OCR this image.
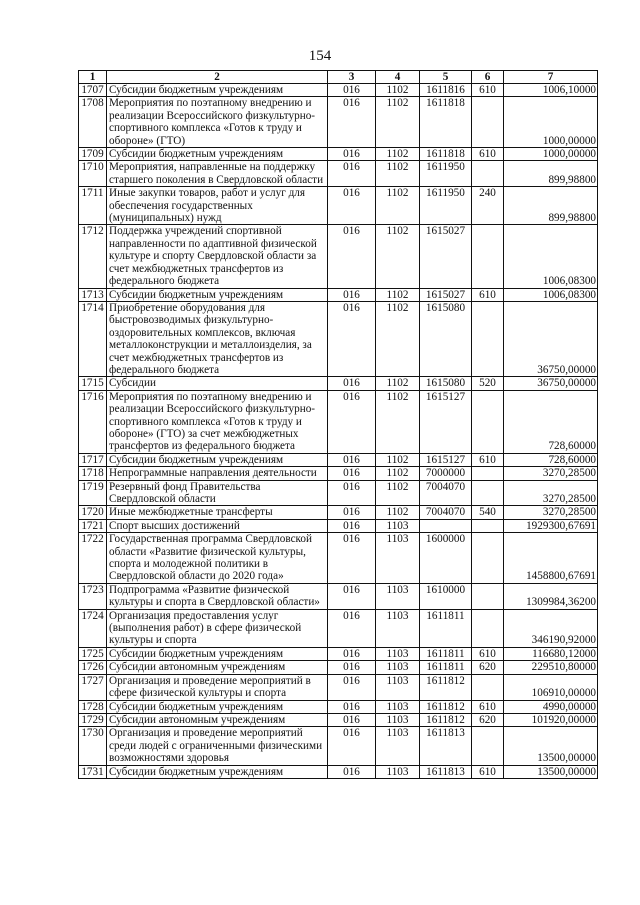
154
1	2	3	4	5	6	7
1707	Субсидии бюджетным учреждениям	016	1102	1611816	610	1006,10000
1708	Мероприятия по поэтапному внедрению и реализации Всероссийского физкультурно-спортивного комплекса «Готов к труду и обороне» (ГТО)	016	1102	1611818		1000,00000
1709	Субсидии бюджетным учреждениям	016	1102	1611818	610	1000,00000
1710	Мероприятия, направленные на поддержку старшего поколения в Свердловской области	016	1102	1611950		899,98800
1711	Иные закупки товаров, работ и услуг для обеспечения государственных (муниципальных) нужд	016	1102	1611950	240	899,98800
1712	Поддержка учреждений спортивной направленности по адаптивной физической культуре и спорту Свердловской области за счет межбюджетных трансфертов из федерального бюджета	016	1102	1615027		1006,08300
1713	Субсидии бюджетным учреждениям	016	1102	1615027	610	1006,08300
1714	Приобретение оборудования для быстровозводимых физкультурно-оздоровительных комплексов, включая металлоконструкции и металлоизделия, за счет межбюджетных трансфертов из федерального бюджета	016	1102	1615080		36750,00000
1715	Субсидии	016	1102	1615080	520	36750,00000
1716	Мероприятия по поэтапному внедрению и реализации Всероссийского физкультурно-спортивного комплекса «Готов к труду и обороне» (ГТО) за счет межбюджетных трансфертов из федерального бюджета	016	1102	1615127		728,60000
1717	Субсидии бюджетным учреждениям	016	1102	1615127	610	728,60000
1718	Непрограммные направления деятельности	016	1102	7000000		3270,28500
1719	Резервный фонд Правительства Свердловской области	016	1102	7004070		3270,28500
1720	Иные межбюджетные трансферты	016	1102	7004070	540	3270,28500
1721	Спорт высших достижений	016	1103			1929300,67691
1722	Государственная программа Свердловской области «Развитие физической культуры, спорта и молодежной политики в Свердловской области до 2020 года»	016	1103	1600000		1458800,67691
1723	Подпрограмма «Развитие физической культуры и спорта в Свердловской области»	016	1103	1610000		1309984,36200
1724	Организация предоставления услуг (выполнения работ) в сфере физической культуры и спорта	016	1103	1611811		346190,92000
1725	Субсидии бюджетным учреждениям	016	1103	1611811	610	116680,12000
1726	Субсидии автономным учреждениям	016	1103	1611811	620	229510,80000
1727	Организация и проведение мероприятий в сфере физической культуры и спорта	016	1103	1611812		106910,00000
1728	Субсидии бюджетным учреждениям	016	1103	1611812	610	4990,00000
1729	Субсидии автономным учреждениям	016	1103	1611812	620	101920,00000
1730	Организация и проведение мероприятий среди людей с ограниченными физическими возможностями здоровья	016	1103	1611813		13500,00000
1731	Субсидии бюджетным учреждениям	016	1103	1611813	610	13500,00000
